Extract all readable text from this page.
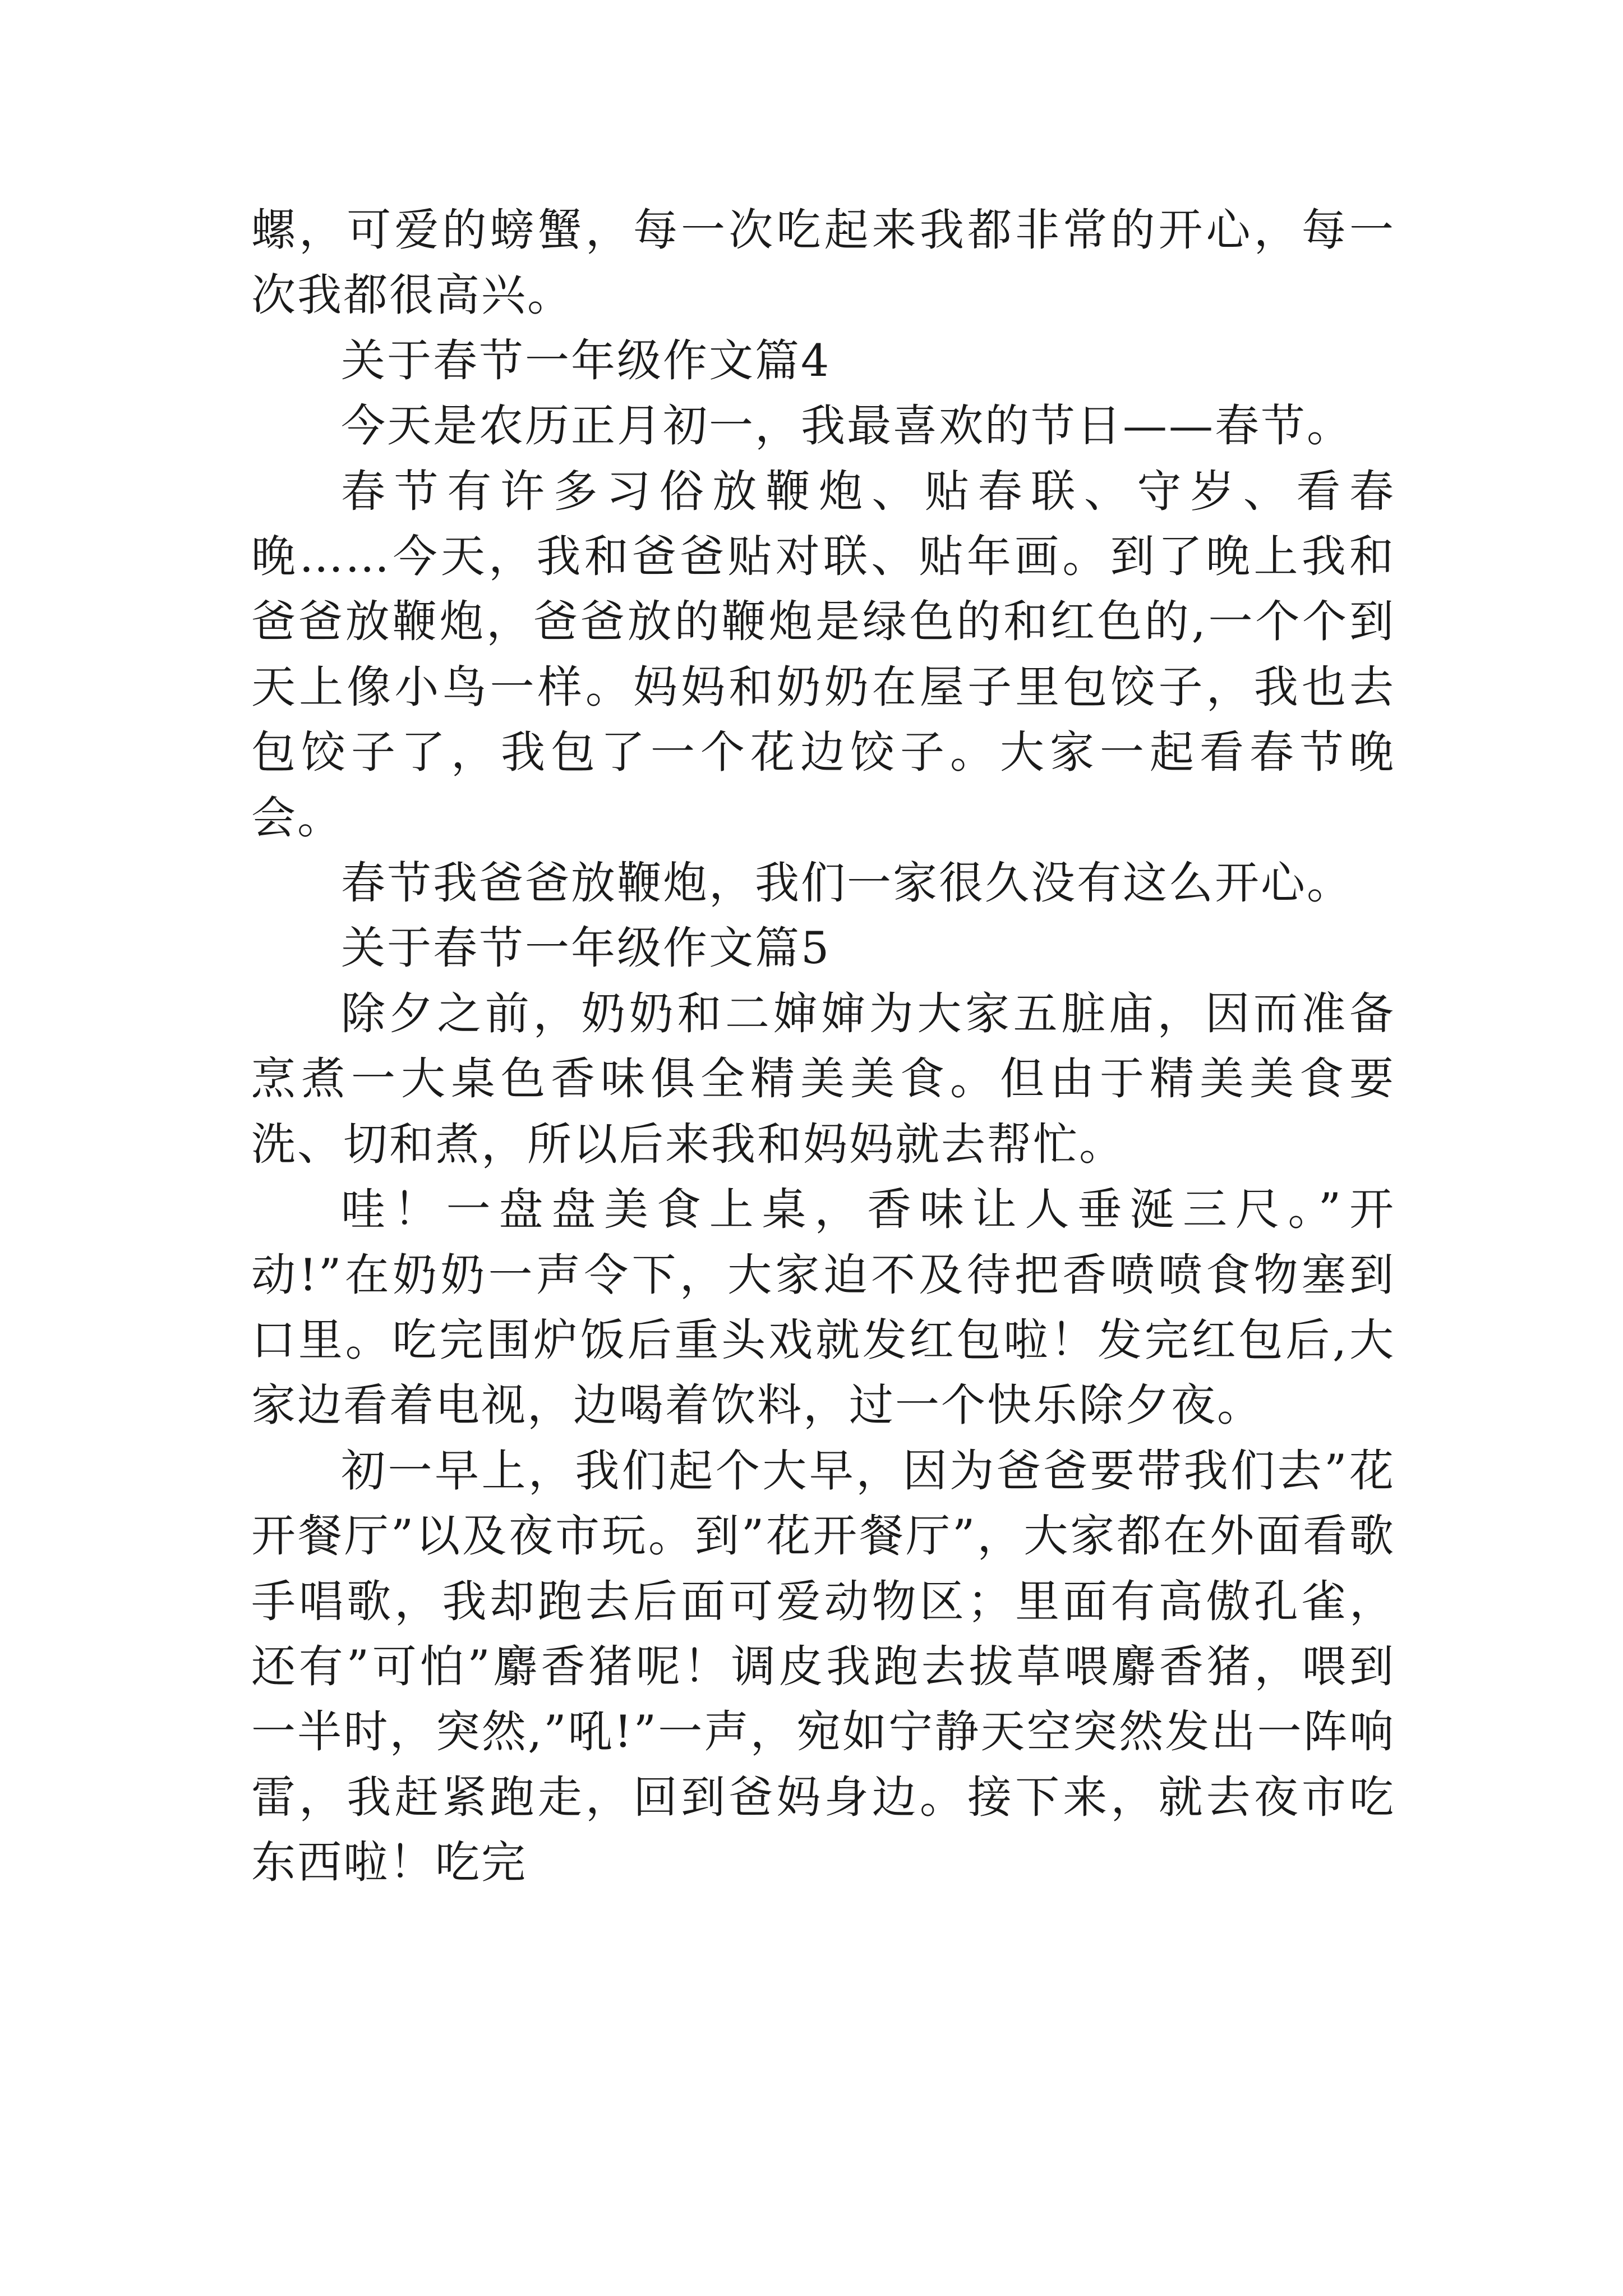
螺，可爱的螃蟹，每一次吃起来我都非常的开心，每一次我都很高兴。

关于春节一年级作文篇4

今天是农历正月初一，我最喜欢的节日——春节。

春节有许多习俗放鞭炮、贴春联、守岁、看春晚……今天，我和爸爸贴对联、贴年画。到了晚上我和爸爸放鞭炮，爸爸放的鞭炮是绿色的和红色的,一个个到天上像小鸟一样。妈妈和奶奶在屋子里包饺子，我也去包饺子了，我包了一个花边饺子。大家一起看春节晚会。

春节我爸爸放鞭炮，我们一家很久没有这么开心。

关于春节一年级作文篇5

除夕之前，奶奶和二婶婶为大家五脏庙，因而准备烹煮一大桌色香味俱全精美美食。但由于精美美食要洗、切和煮，所以后来我和妈妈就去帮忙。

哇！一盘盘美食上桌，香味让人垂涎三尺。”开动!”在奶奶一声令下，大家迫不及待把香喷喷食物塞到口里。吃完围炉饭后重头戏就发红包啦！发完红包后,大家边看着电视，边喝着饮料，过一个快乐除夕夜。

初一早上，我们起个大早，因为爸爸要带我们去”花开餐厅”以及夜市玩。到”花开餐厅”，大家都在外面看歌手唱歌，我却跑去后面可爱动物区；里面有高傲孔雀，还有”可怕”麝香猪呢！调皮我跑去拔草喂麝香猪，喂到一半时，突然,”吼!”一声，宛如宁静天空突然发出一阵响雷，我赶紧跑走，回到爸妈身边。接下来，就去夜市吃东西啦！吃完
